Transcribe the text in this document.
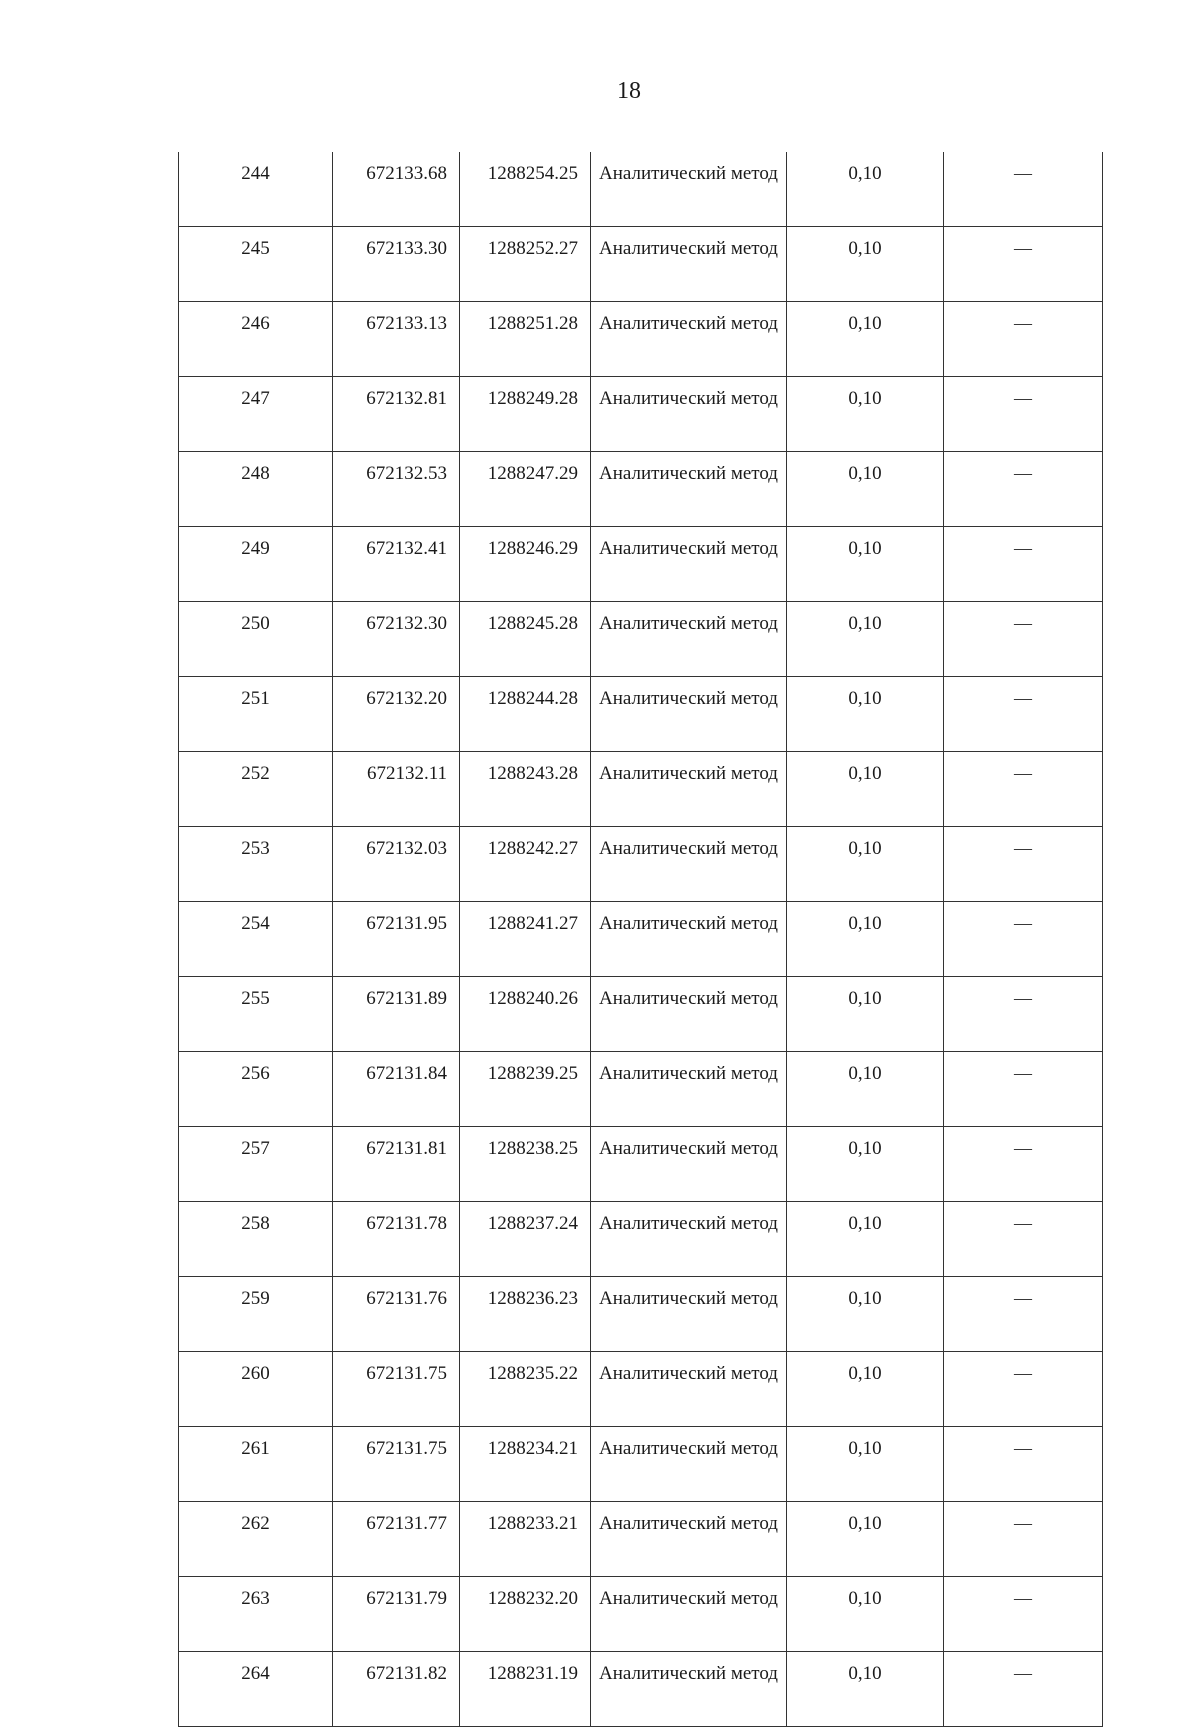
18
244	672133.68	1288254.25	Аналитический метод	0,10	—
245	672133.30	1288252.27	Аналитический метод	0,10	—
246	672133.13	1288251.28	Аналитический метод	0,10	—
247	672132.81	1288249.28	Аналитический метод	0,10	—
248	672132.53	1288247.29	Аналитический метод	0,10	—
249	672132.41	1288246.29	Аналитический метод	0,10	—
250	672132.30	1288245.28	Аналитический метод	0,10	—
251	672132.20	1288244.28	Аналитический метод	0,10	—
252	672132.11	1288243.28	Аналитический метод	0,10	—
253	672132.03	1288242.27	Аналитический метод	0,10	—
254	672131.95	1288241.27	Аналитический метод	0,10	—
255	672131.89	1288240.26	Аналитический метод	0,10	—
256	672131.84	1288239.25	Аналитический метод	0,10	—
257	672131.81	1288238.25	Аналитический метод	0,10	—
258	672131.78	1288237.24	Аналитический метод	0,10	—
259	672131.76	1288236.23	Аналитический метод	0,10	—
260	672131.75	1288235.22	Аналитический метод	0,10	—
261	672131.75	1288234.21	Аналитический метод	0,10	—
262	672131.77	1288233.21	Аналитический метод	0,10	—
263	672131.79	1288232.20	Аналитический метод	0,10	—
264	672131.82	1288231.19	Аналитический метод	0,10	—
